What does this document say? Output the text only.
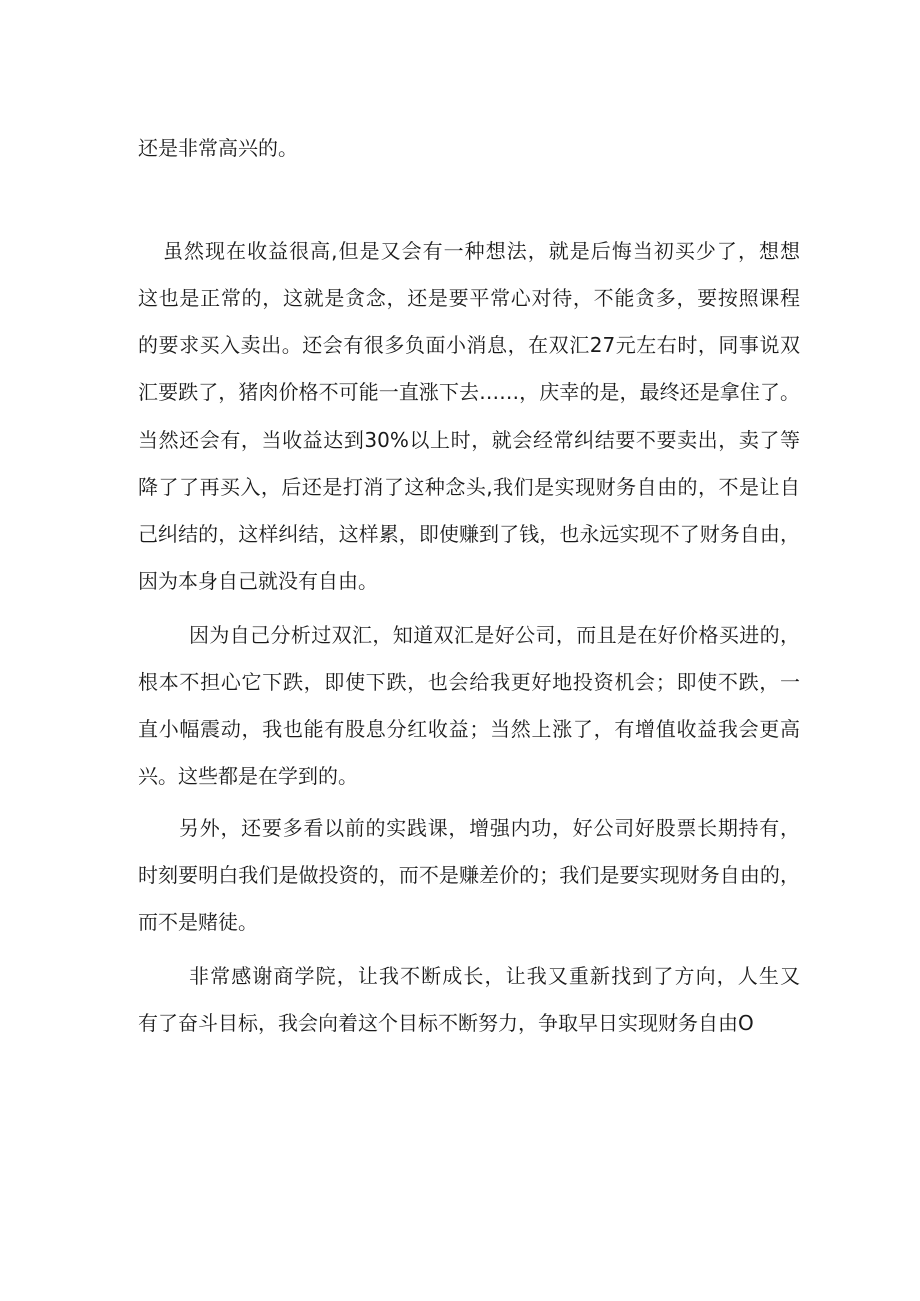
还是非常高兴的。
虽然现在收益很高,但是又会有一种想法，就是后悔当初买少了，想想
这也是正常的，这就是贪念，还是要平常心对待，不能贪多，要按照课程
的要求买入卖出。还会有很多负面小消息，在双汇27元左右时，同事说双
汇要跌了，猪肉价格不可能一直涨下去……，庆幸的是，最终还是拿住了。
当然还会有，当收益达到30%以上时，就会经常纠结要不要卖出，卖了等
降了了再买入，后还是打消了这种念头,我们是实现财务自由的，不是让自
己纠结的，这样纠结，这样累，即使赚到了钱，也永远实现不了财务自由，
因为本身自己就没有自由。
因为自己分析过双汇，知道双汇是好公司，而且是在好价格买进的，
根本不担心它下跌，即使下跌，也会给我更好地投资机会；即使不跌，一
直小幅震动，我也能有股息分红收益；当然上涨了，有增值收益我会更高
兴。这些都是在学到的。
另外，还要多看以前的实践课，增强内功，好公司好股票长期持有，
时刻要明白我们是做投资的，而不是赚差价的；我们是要实现财务自由的，
而不是赌徒。
非常感谢商学院，让我不断成长，让我又重新找到了方向，人生又
有了奋斗目标，我会向着这个目标不断努力，争取早日实现财务自由O
